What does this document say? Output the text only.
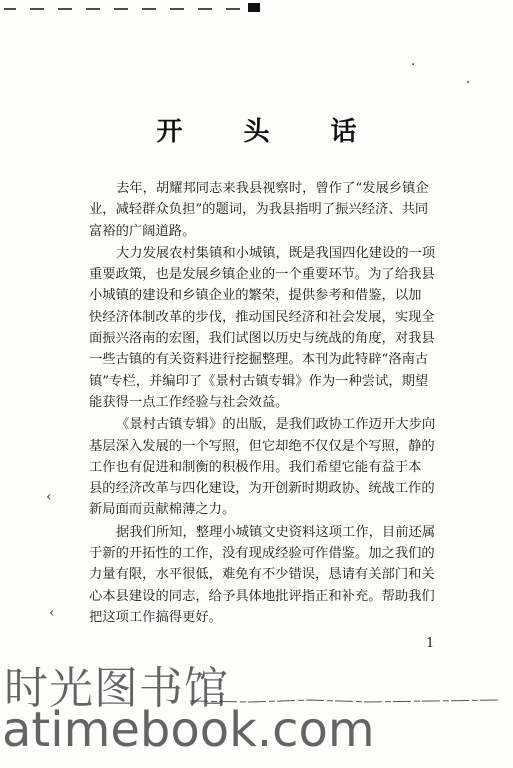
·
·
‹
‹
开 头 话
去年，胡耀邦同志来我县视察时，曾作了“发展乡镇企
业，减轻群众负担”的题词，为我县指明了振兴经济、共同
富裕的广阔道路。
大力发展农村集镇和小城镇，既是我国四化建设的一项
重要政策，也是发展乡镇企业的一个重要环节。为了给我县
小城镇的建设和乡镇企业的繁荣，提供参考和借鉴，以加
快经济体制改革的步伐，推动国民经济和社会发展，实现全
面振兴洛南的宏图，我们试图以历史与统战的角度，对我县
一些古镇的有关资料进行挖掘整理。本刊为此特辟“洛南古
镇”专栏，并编印了《景村古镇专辑》作为一种尝试，期望
能获得一点工作经验与社会效益。
《景村古镇专辑》的出版，是我们政协工作迈开大步向
基层深入发展的一个写照，但它却绝不仅仅是个写照，静的
工作也有促进和制衡的积极作用。我们希望它能有益于本
县的经济改革与四化建设，为开创新时期政协、统战工作的
新局面而贡献棉薄之力。
据我们所知，整理小城镇文史资料这项工作，目前还属
于新的开拓性的工作，没有现成经验可作借鉴。加之我们的
力量有限，水平很低，难免有不少错误，恳请有关部门和关
心本县建设的同志，给予具体地批评指正和补充。帮助我们
把这项工作搞得更好。
1
时光图书馆
atimebook.com
